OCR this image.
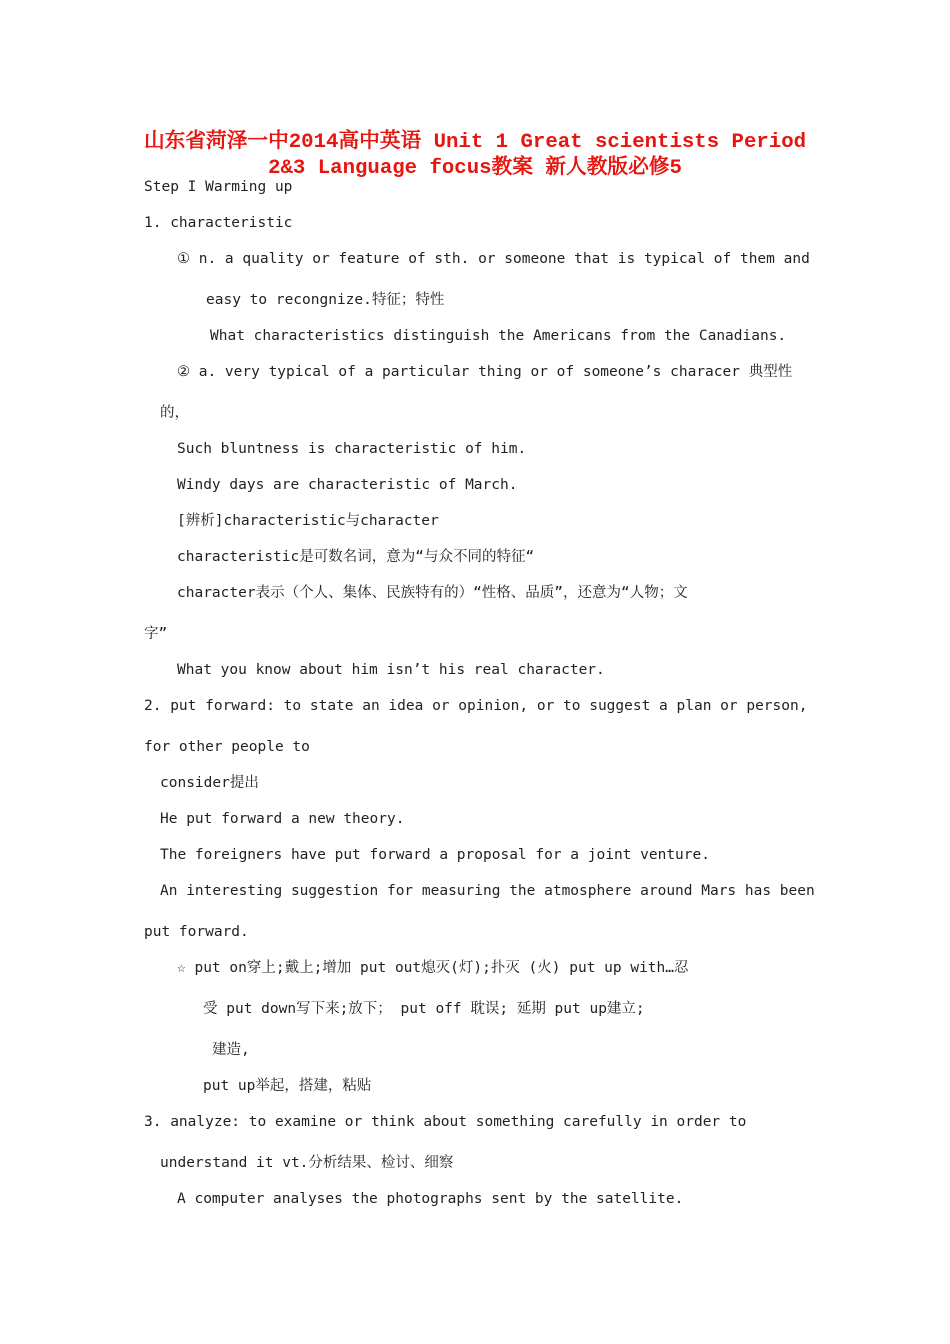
山东省菏泽一中2014高中英语 Unit 1 Great scientists Period
2&3 Language focus教案 新人教版必修5
Step I Warming up
1. characteristic
① n. a quality or feature of sth. or someone that is typical of them and
easy to recongnize.特征；特性
What characteristics distinguish the Americans from the Canadians.
② a. very typical of a particular thing or of someone’s characer 典型性
的，
Such bluntness is characteristic of him.
Windy days are characteristic of March.
[辨析]characteristic与character
characteristic是可数名词，意为“与众不同的特征“
character表示（个人、集体、民族特有的）“性格、品质”，还意为“人物；文
字”
What you know about him isn’t his real character.
2. put forward: to state an idea or opinion, or to suggest a plan or person,
for other people to
consider提出
He put forward a new theory.
The foreigners have put forward a proposal for a joint venture.
An interesting suggestion for measuring the atmosphere around Mars has been
put forward.
☆ put on穿上;戴上;增加 put out熄灭(灯);扑灭 (火) put up with…忍
受 put down写下来;放下； put off 耽误; 延期 put up建立;
建造,
put up举起，搭建，粘贴
3. analyze: to examine or think about something carefully in order to
understand it vt.分析结果、检讨、细察
A computer analyses the photographs sent by the satellite.
